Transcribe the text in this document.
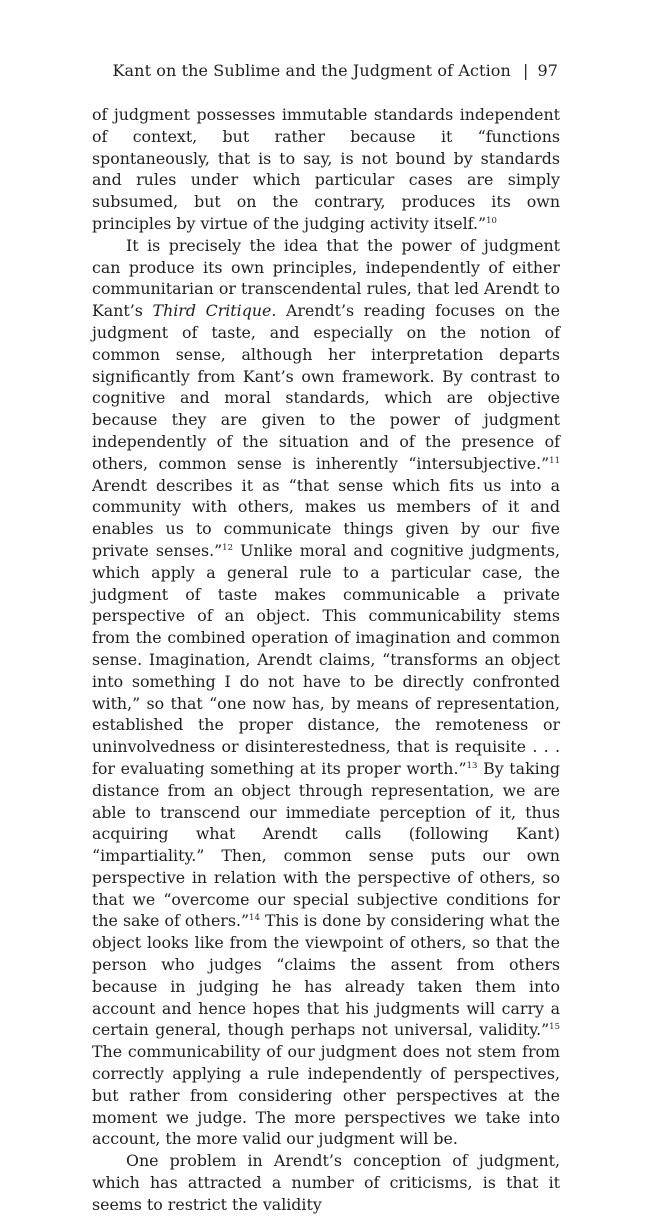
Kant on the Sublime and the Judgment of Action | 97

of judgment possesses immutable standards independent of context, but rather because it “functions spontaneously, that is to say, is not bound by standards and rules under which particular cases are simply subsumed, but on the contrary, produces its own principles by virtue of the judging activity itself.”$^{10}$

It is precisely the idea that the power of judgment can produce its own principles, independently of either communitarian or transcendental rules, that led Arendt to Kant’s Third Critique. Arendt’s reading focuses on the judgment of taste, and especially on the notion of common sense, although her interpretation departs significantly from Kant’s own framework. By contrast to cognitive and moral standards, which are objective because they are given to the power of judgment independently of the situation and of the presence of others, common sense is inherently “intersubjective.”$^{11}$ Arendt describes it as “that sense which fits us into a community with others, makes us members of it and enables us to communicate things given by our five private senses.”$^{12}$ Unlike moral and cognitive judgments, which apply a general rule to a particular case, the judgment of taste makes communicable a private perspective of an object. This communicability stems from the combined operation of imagination and common sense. Imagination, Arendt claims, “transforms an object into something I do not have to be directly confronted with,” so that “one now has, by means of representation, established the proper distance, the remoteness or uninvolvedness or disinterestedness, that is requisite . . . for evaluating something at its proper worth.”$^{13}$ By taking distance from an object through representation, we are able to transcend our immediate perception of it, thus acquiring what Arendt calls (following Kant) “impartiality.” Then, common sense puts our own perspective in relation with the perspective of others, so that we “overcome our special subjective conditions for the sake of others.”$^{14}$ This is done by considering what the object looks like from the viewpoint of others, so that the person who judges “claims the assent from others because in judging he has already taken them into account and hence hopes that his judgments will carry a certain general, though perhaps not universal, validity.”$^{15}$ The communicability of our judgment does not stem from correctly applying a rule independently of perspectives, but rather from considering other perspectives at the moment we judge. The more perspectives we take into account, the more valid our judgment will be.

One problem in Arendt’s conception of judgment, which has attracted a number of criticisms, is that it seems to restrict the validity
